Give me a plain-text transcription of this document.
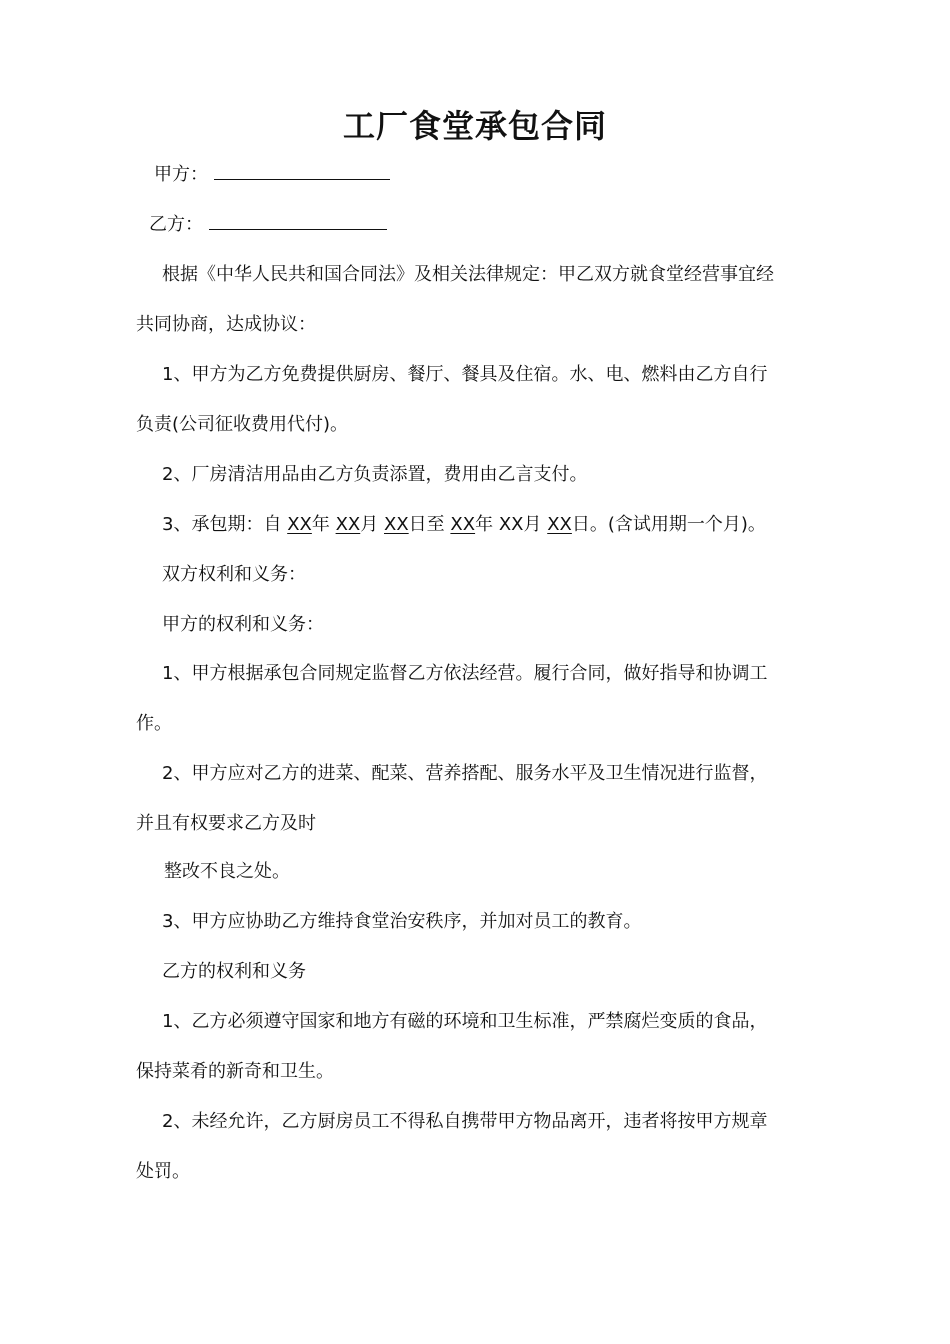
工厂食堂承包合同
甲方：
乙方：
根据《中华人民共和国合同法》及相关法律规定：甲乙双方就食堂经营事宜经
共同协商，达成协议：
1、甲方为乙方免费提供厨房、餐厅、餐具及住宿。水、电、燃料由乙方自行
负责(公司征收费用代付)。
2、厂房清洁用品由乙方负责添置，费用由乙言支付。
3、承包期：自 XX年 XX月 XX日至 XX年 XX月 XX日。(含试用期一个月)。
双方权利和义务：
甲方的权利和义务：
1、甲方根据承包合同规定监督乙方依法经营。履行合同，做好指导和协调工
作。
2、甲方应对乙方的进菜、配菜、营养搭配、服务水平及卫生情况进行监督，
并且有权要求乙方及时
整改不良之处。
3、甲方应协助乙方维持食堂治安秩序，并加对员工的教育。
乙方的权利和义务
1、乙方必须遵守国家和地方有磁的环境和卫生标准，严禁腐烂变质的食品，
保持菜肴的新奇和卫生。
2、未经允许，乙方厨房员工不得私自携带甲方物品离开，违者将按甲方规章
处罚。
